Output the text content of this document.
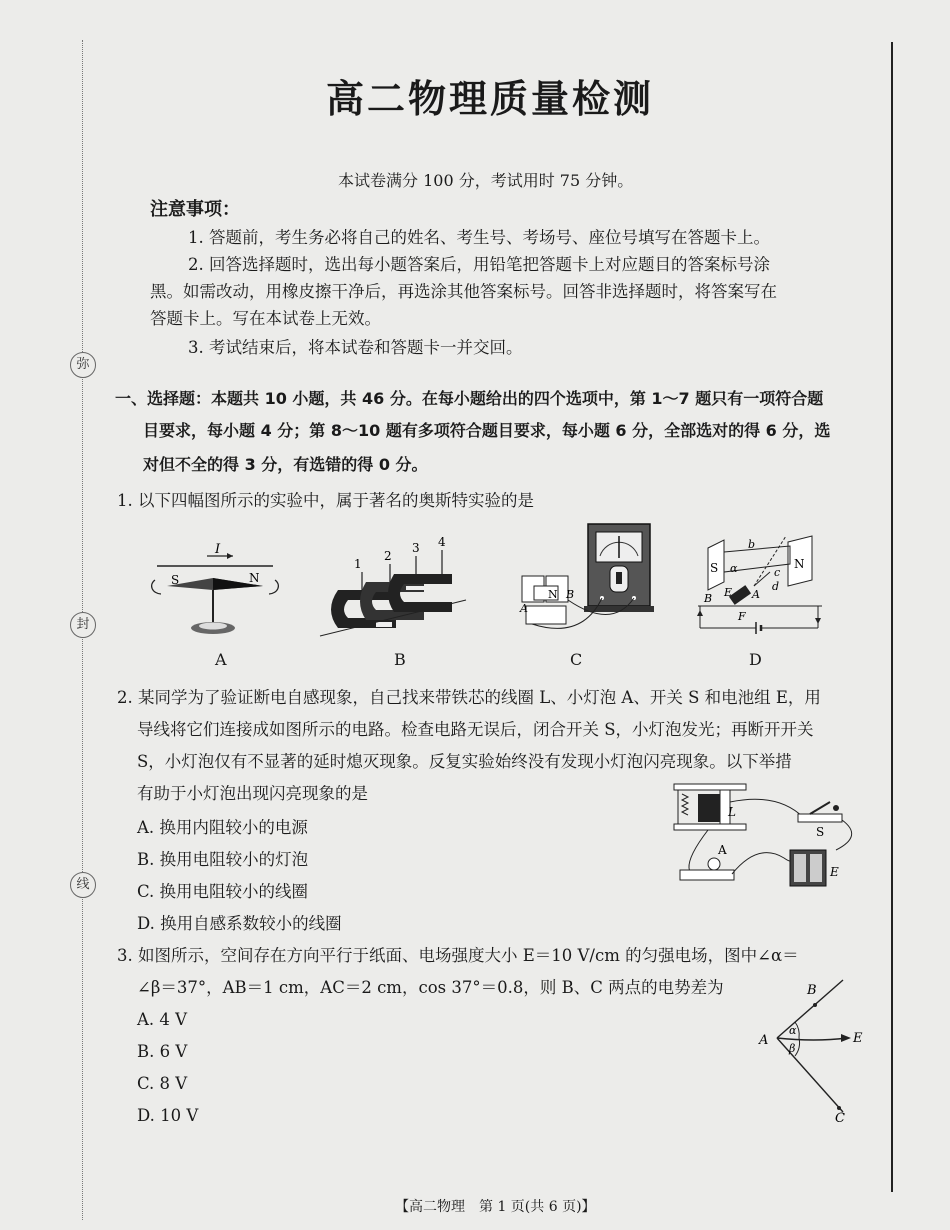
弥
封
线
高二物理质量检测
本试卷满分 100 分，考试用时 75 分钟。
注意事项：
1. 答题前，考生务必将自己的姓名、考生号、考场号、座位号填写在答题卡上。
2. 回答选择题时，选出每小题答案后，用铅笔把答题卡上对应题目的答案标号涂
黑。如需改动，用橡皮擦干净后，再选涂其他答案标号。回答非选择题时，将答案写在
答题卡上。写在本试卷上无效。
3. 考试结束后，将本试卷和答题卡一并交回。
一、选择题：本题共 10 小题，共 46 分。在每小题给出的四个选项中，第 1～7 题只有一项符合题
目要求，每小题 4 分；第 8～10 题有多项符合题目要求，每小题 6 分，全部选对的得 6 分，选
对但不全的得 3 分，有选错的得 0 分。
1. 以下四幅图所示的实验中，属于著名的奥斯特实验的是
I
S	N
A
1
2
3 4
B
N
A
B
C
S	N
b
α	c
d
B E A
F
D
2. 某同学为了验证断电自感现象，自己找来带铁芯的线圈 L、小灯泡 A、开关 S 和电池组 E，用
导线将它们连接成如图所示的电路。检查电路无误后，闭合开关 S，小灯泡发光；再断开开关
S，小灯泡仅有不显著的延时熄灭现象。反复实验始终没有发现小灯泡闪亮现象。以下举措
有助于小灯泡出现闪亮现象的是
A. 换用内阻较小的电源
B. 换用电阻较小的灯泡
C. 换用电阻较小的线圈
D. 换用自感系数较小的线圈
L
S
A
E
3. 如图所示，空间存在方向平行于纸面、电场强度大小 E＝10 V/cm 的匀强电场，图中∠α＝
∠β＝37°，AB＝1 cm，AC＝2 cm，cos 37°＝0.8，则 B、C 两点的电势差为
A. 4 V
B. 6 V
C. 8 V
D. 10 V
B
A
α
β
E
C
【高二物理　第 1 页(共 6 页)】
